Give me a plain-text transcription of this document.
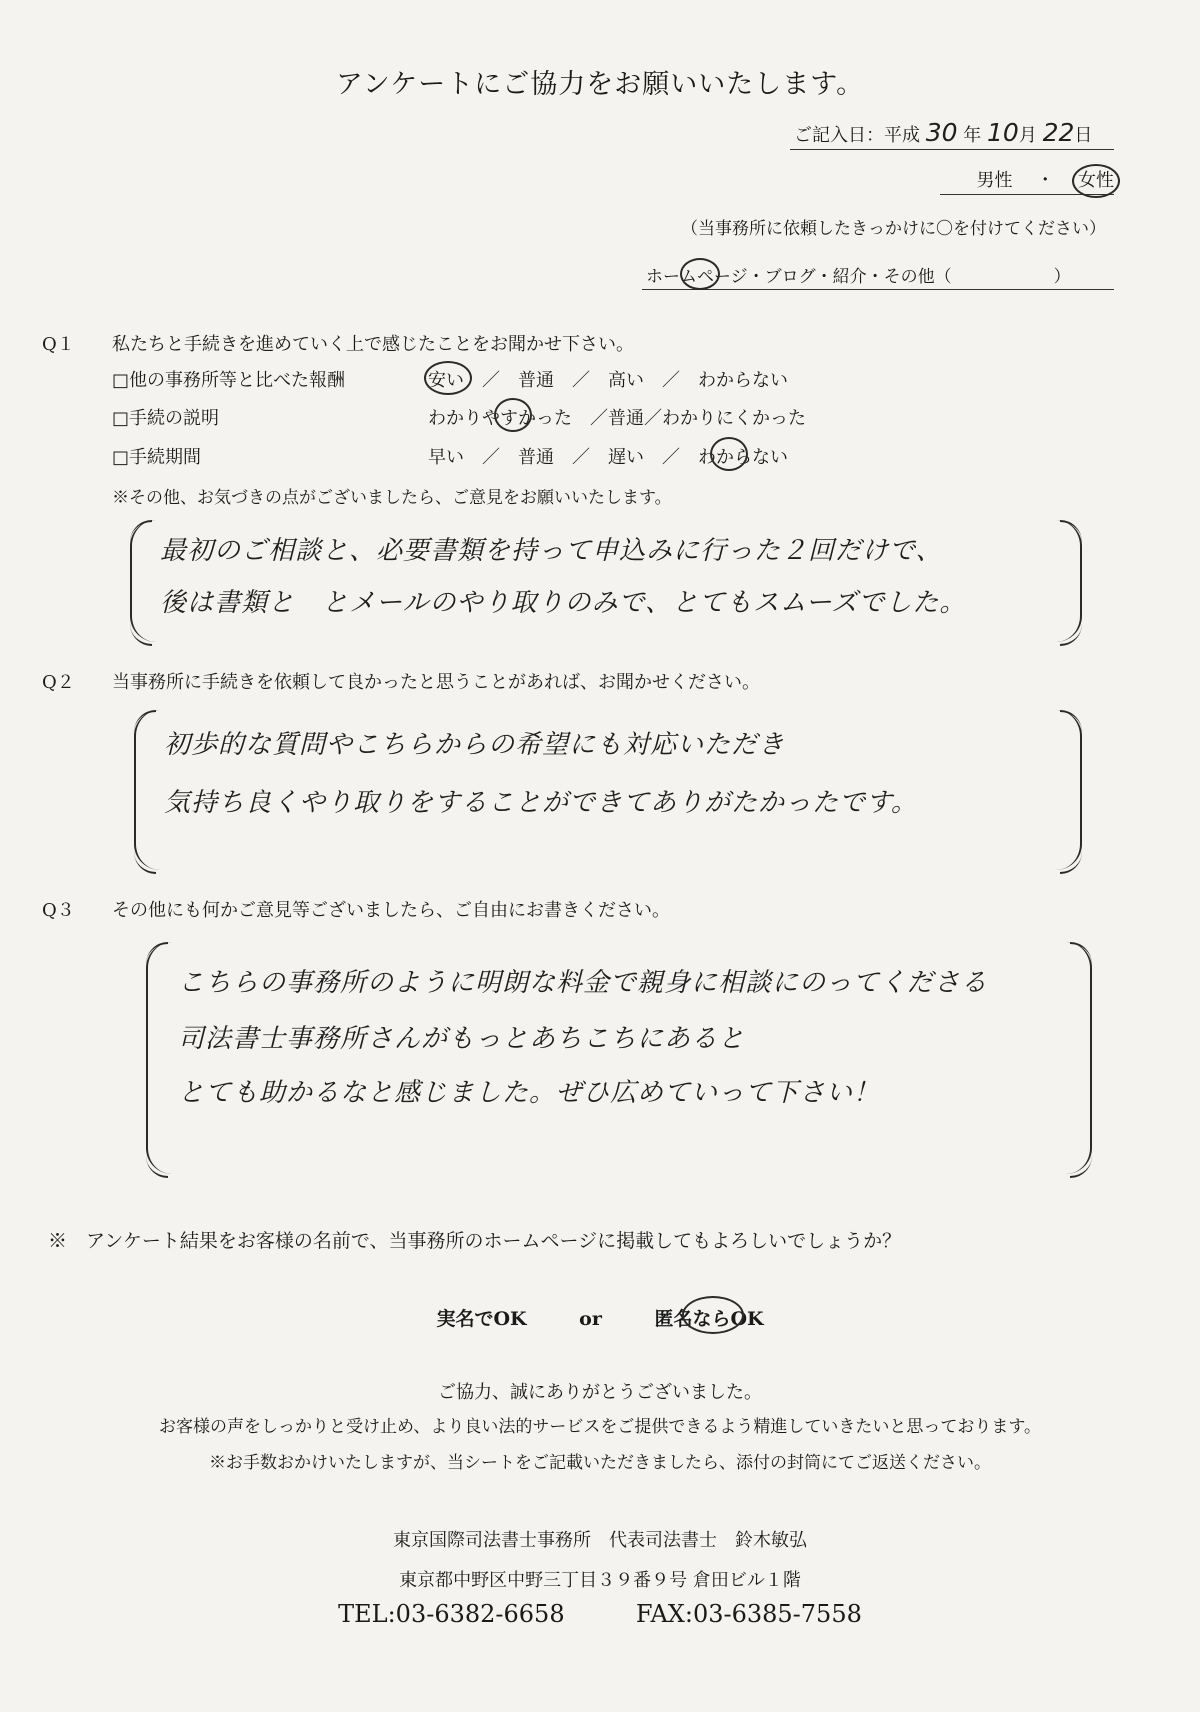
アンケートにご協力をお願いいたします。
ご記入日：平成 30 年 10月 22日
男性 ・ 女性
（当事務所に依頼したきっかけに〇を付けてください）
ホームページ・ブログ・紹介・その他（　　　　　　）
Q１ 私たちと手続きを進めていく上で感じたことをお聞かせ下さい。
□他の事務所等と比べた報酬	安い　／　普通　／　高い　／　わからない
□手続の説明	わかりやすかった　／普通／わかりにくかった
□手続期間	早い　／　普通　／　遅い　／　わからない
※その他、お気づきの点がございましたら、ご意見をお願いいたします。
最初のご相談と、必要書類を持って申込みに行った２回だけで、
後は書類と　とメールのやり取りのみで、とてもスムーズでした。
Q２ 当事務所に手続きを依頼して良かったと思うことがあれば、お聞かせください。
初歩的な質問やこちらからの希望にも対応いただき
気持ち良くやり取りをすることができてありがたかったです。
Q３ その他にも何かご意見等ございましたら、ご自由にお書きください。
こちらの事務所のように明朗な料金で親身に相談にのってくださる
司法書士事務所さんがもっとあちこちにあると
とても助かるなと感じました。ぜひ広めていって下さい！
※　アンケート結果をお客様の名前で、当事務所のホームページに掲載してもよろしいでしょうか？
実名でOK	or	匿名ならOK
ご協力、誠にありがとうございました。
お客様の声をしっかりと受け止め、より良い法的サービスをご提供できるよう精進していきたいと思っております。
※お手数おかけいたしますが、当シートをご記載いただきましたら、添付の封筒にてご返送ください。
東京国際司法書士事務所　代表司法書士　鈴木敏弘
東京都中野区中野三丁目３９番９号 倉田ビル１階
TEL:03-6382-6658	FAX:03-6385-7558
